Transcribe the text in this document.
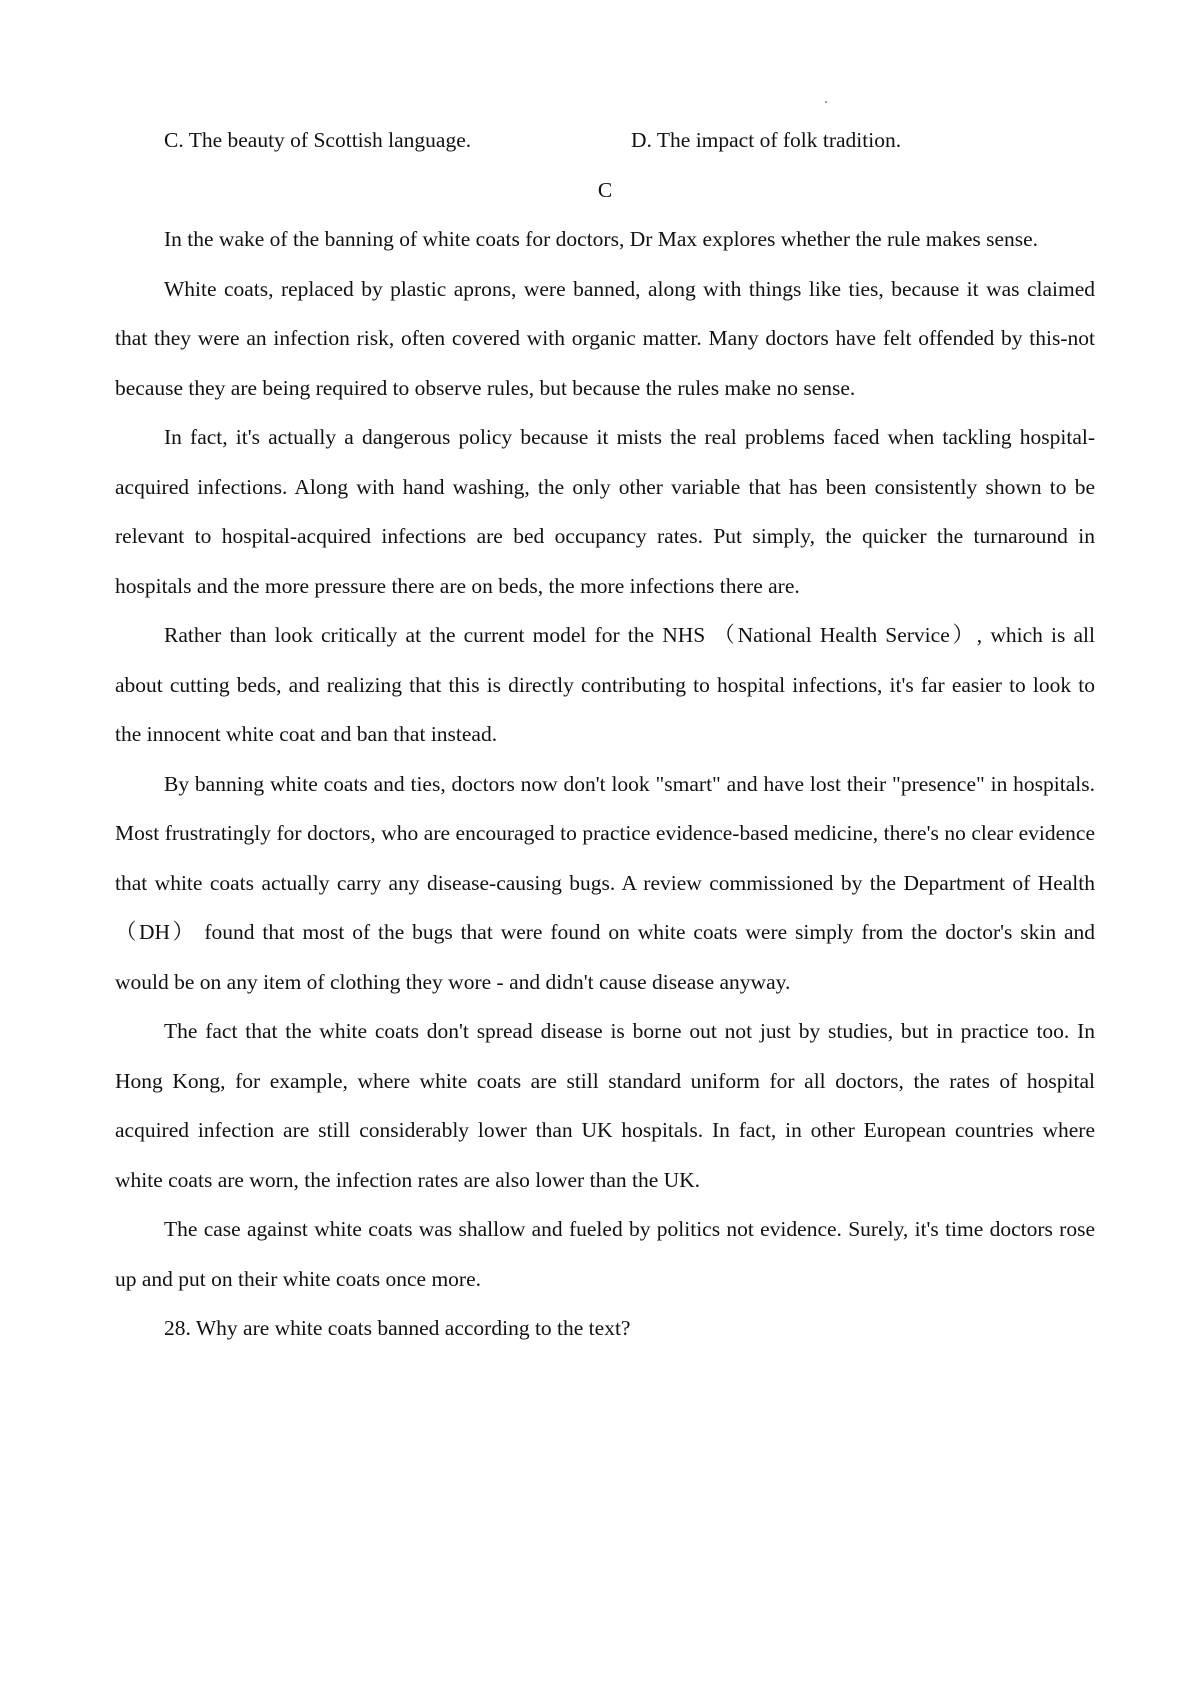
C. The beauty of Scottish language.	D. The impact of folk tradition.
C

In the wake of the banning of white coats for doctors, Dr Max explores whether the rule makes sense.

White coats, replaced by plastic aprons, were banned, along with things like ties, because it was claimed that they were an infection risk, often covered with organic matter. Many doctors have felt offended by this-not because they are being required to observe rules, but because the rules make no sense.

In fact, it's actually a dangerous policy because it mists the real problems faced when tackling hospital-acquired infections. Along with hand washing, the only other variable that has been consistently shown to be relevant to hospital-acquired infections are bed occupancy rates. Put simply, the quicker the turnaround in hospitals and the more pressure there are on beds, the more infections there are.

Rather than look critically at the current model for the NHS （National Health Service）, which is all about cutting beds, and realizing that this is directly contributing to hospital infections, it's far easier to look to the innocent white coat and ban that instead.

By banning white coats and ties, doctors now don't look "smart" and have lost their "presence" in hospitals. Most frustratingly for doctors, who are encouraged to practice evidence-based medicine, there's no clear evidence that white coats actually carry any disease-causing bugs. A review commissioned by the Department of Health （DH） found that most of the bugs that were found on white coats were simply from the doctor's skin and would be on any item of clothing they wore - and didn't cause disease anyway.

The fact that the white coats don't spread disease is borne out not just by studies, but in practice too. In Hong Kong, for example, where white coats are still standard uniform for all doctors, the rates of hospital acquired infection are still considerably lower than UK hospitals. In fact, in other European countries where white coats are worn, the infection rates are also lower than the UK.

The case against white coats was shallow and fueled by politics not evidence. Surely, it's time doctors rose up and put on their white coats once more.

28. Why are white coats banned according to the text?
